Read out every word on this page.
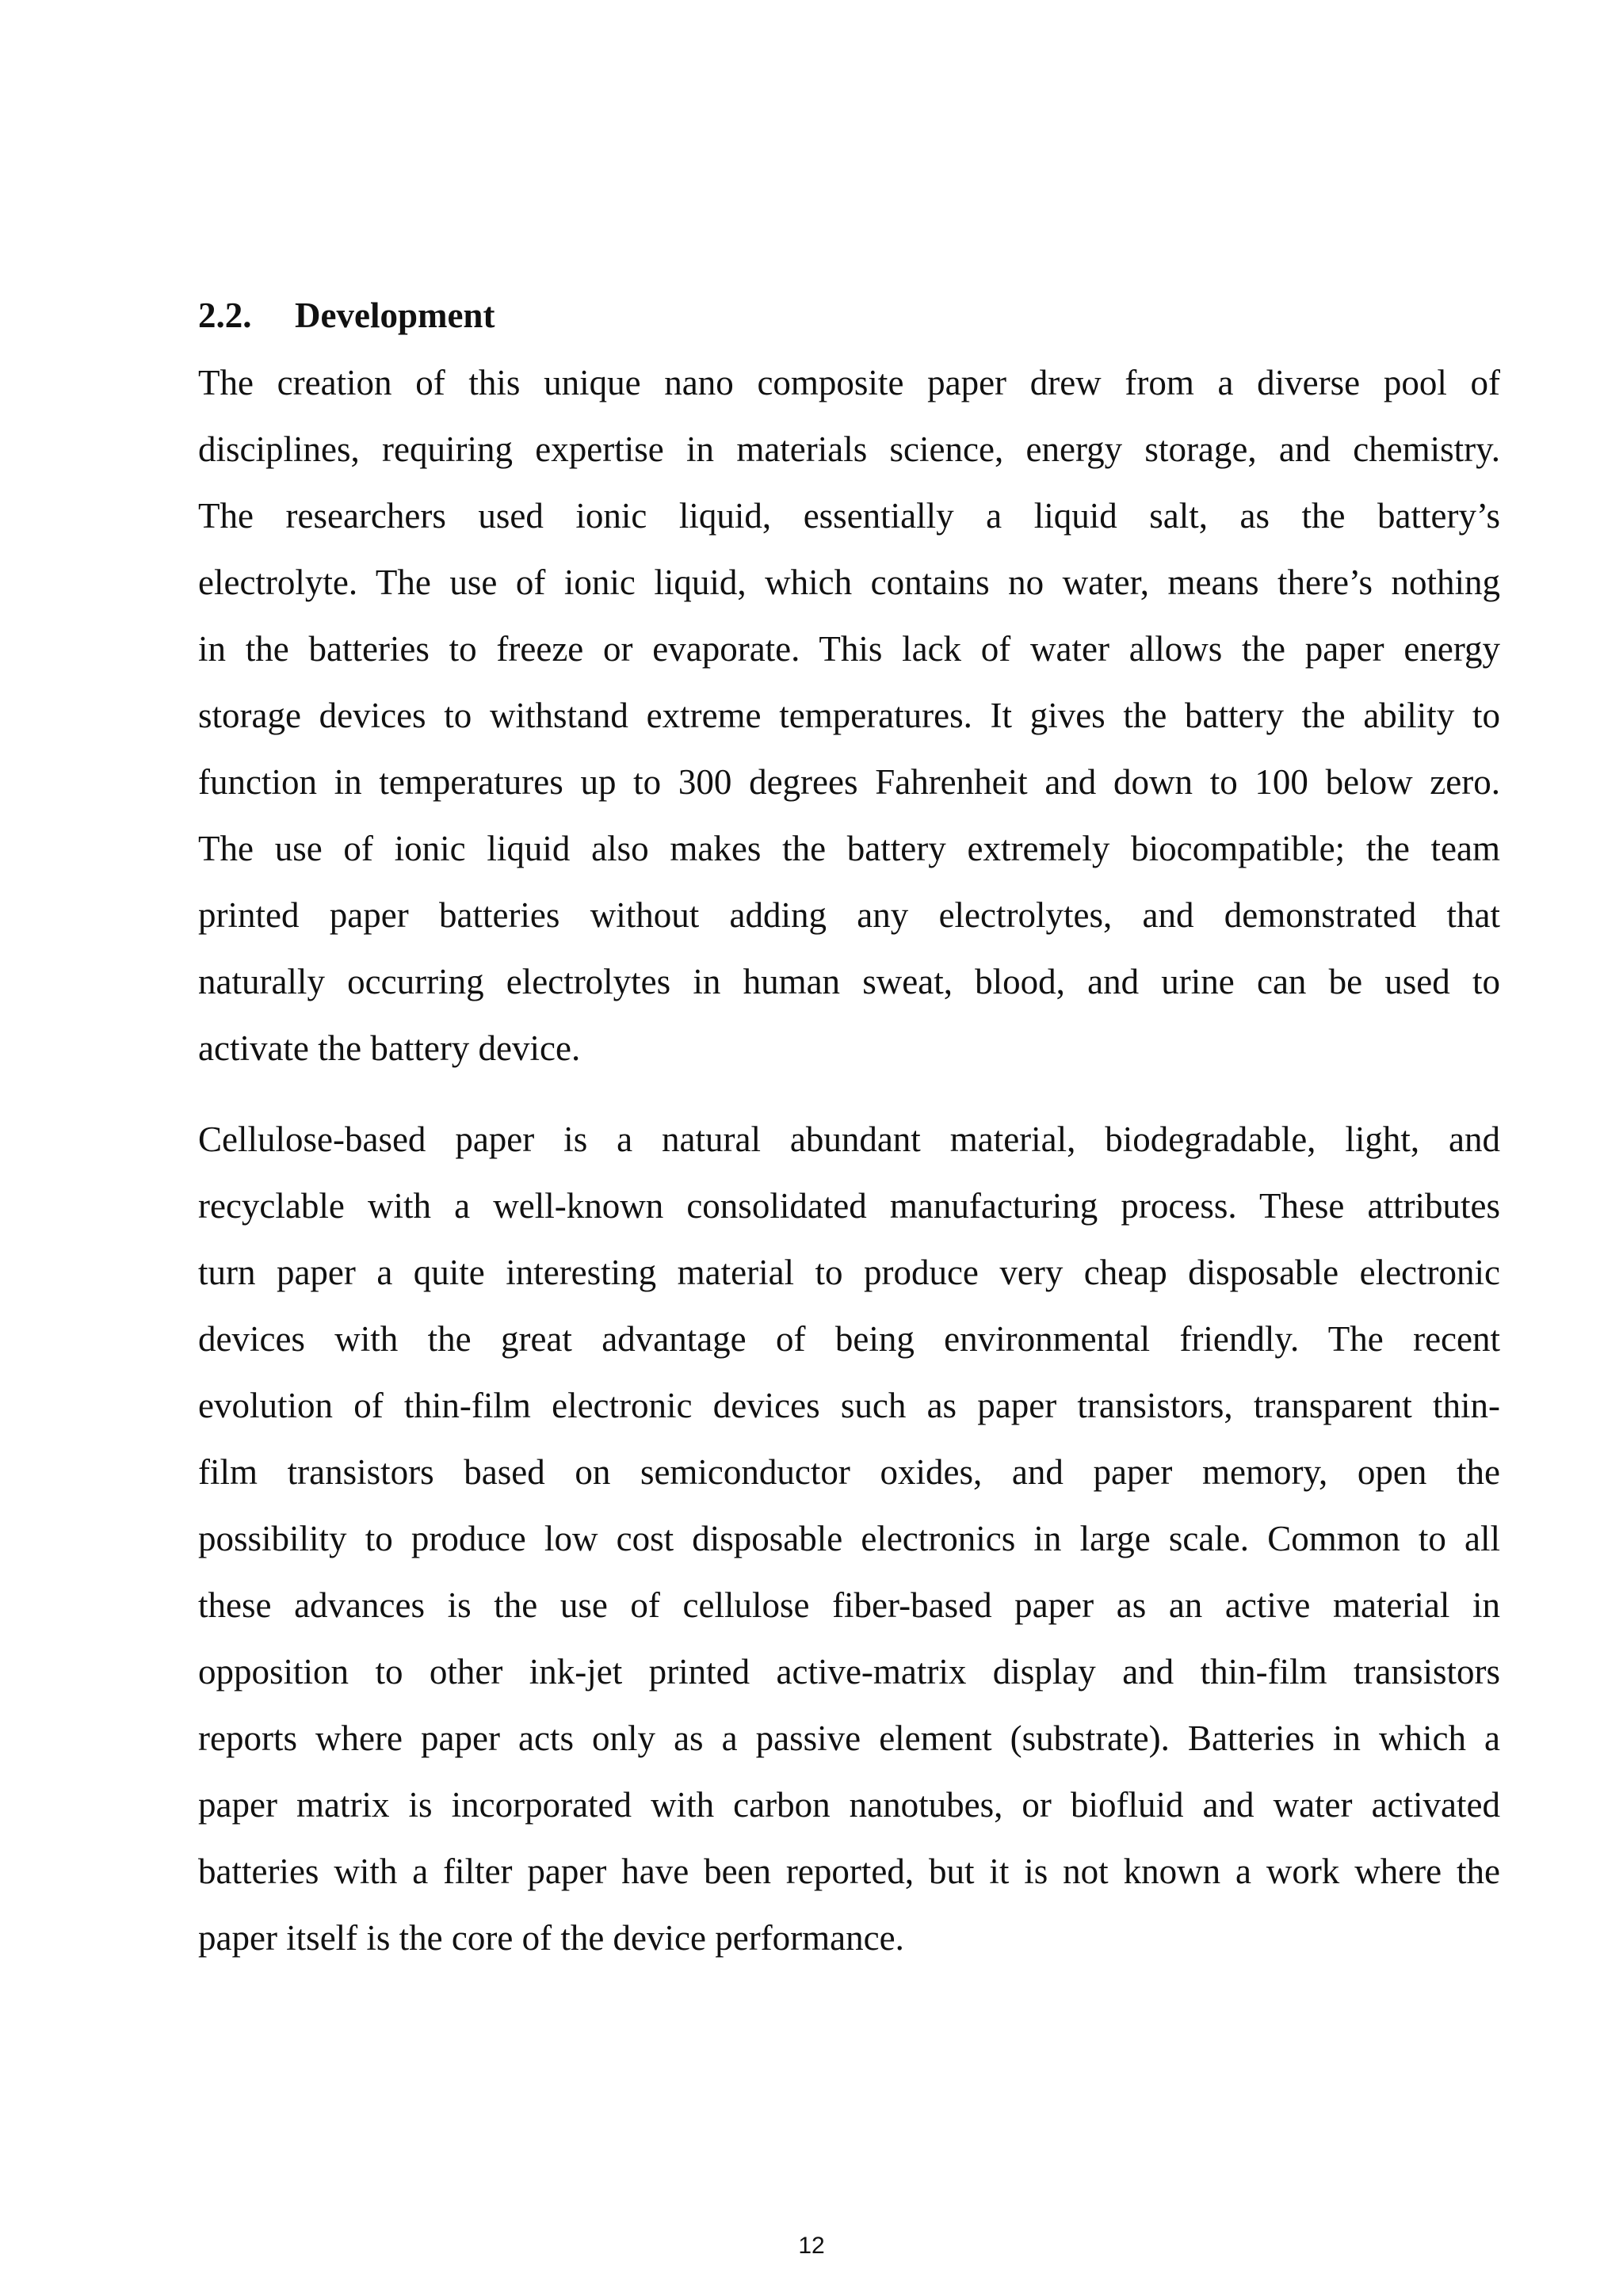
2.2. Development
The creation of this unique nano composite paper drew from a diverse pool of
disciplines, requiring expertise in materials science, energy storage, and chemistry.
The researchers used ionic liquid, essentially a liquid salt, as the battery’s
electrolyte. The use of ionic liquid, which contains no water, means there’s nothing
in the batteries to freeze or evaporate. This lack of water allows the paper energy
storage devices to withstand extreme temperatures. It gives the battery the ability to
function in temperatures up to 300 degrees Fahrenheit and down to 100 below zero.
The use of ionic liquid also makes the battery extremely biocompatible; the team
printed paper batteries without adding any electrolytes, and demonstrated that
naturally occurring electrolytes in human sweat, blood, and urine can be used to
activate the battery device.
Cellulose-based paper is a natural abundant material, biodegradable, light, and
recyclable with a well-known consolidated manufacturing process. These attributes
turn paper a quite interesting material to produce very cheap disposable electronic
devices with the great advantage of being environmental friendly. The recent
evolution of thin-film electronic devices such as paper transistors, transparent thin-
film transistors based on semiconductor oxides, and paper memory, open the
possibility to produce low cost disposable electronics in large scale. Common to all
these advances is the use of cellulose fiber-based paper as an active material in
opposition to other ink-jet printed active-matrix display and thin-film transistors
reports where paper acts only as a passive element (substrate). Batteries in which a
paper matrix is incorporated with carbon nanotubes, or biofluid and water activated
batteries with a filter paper have been reported, but it is not known a work where the
paper itself is the core of the device performance.
12
